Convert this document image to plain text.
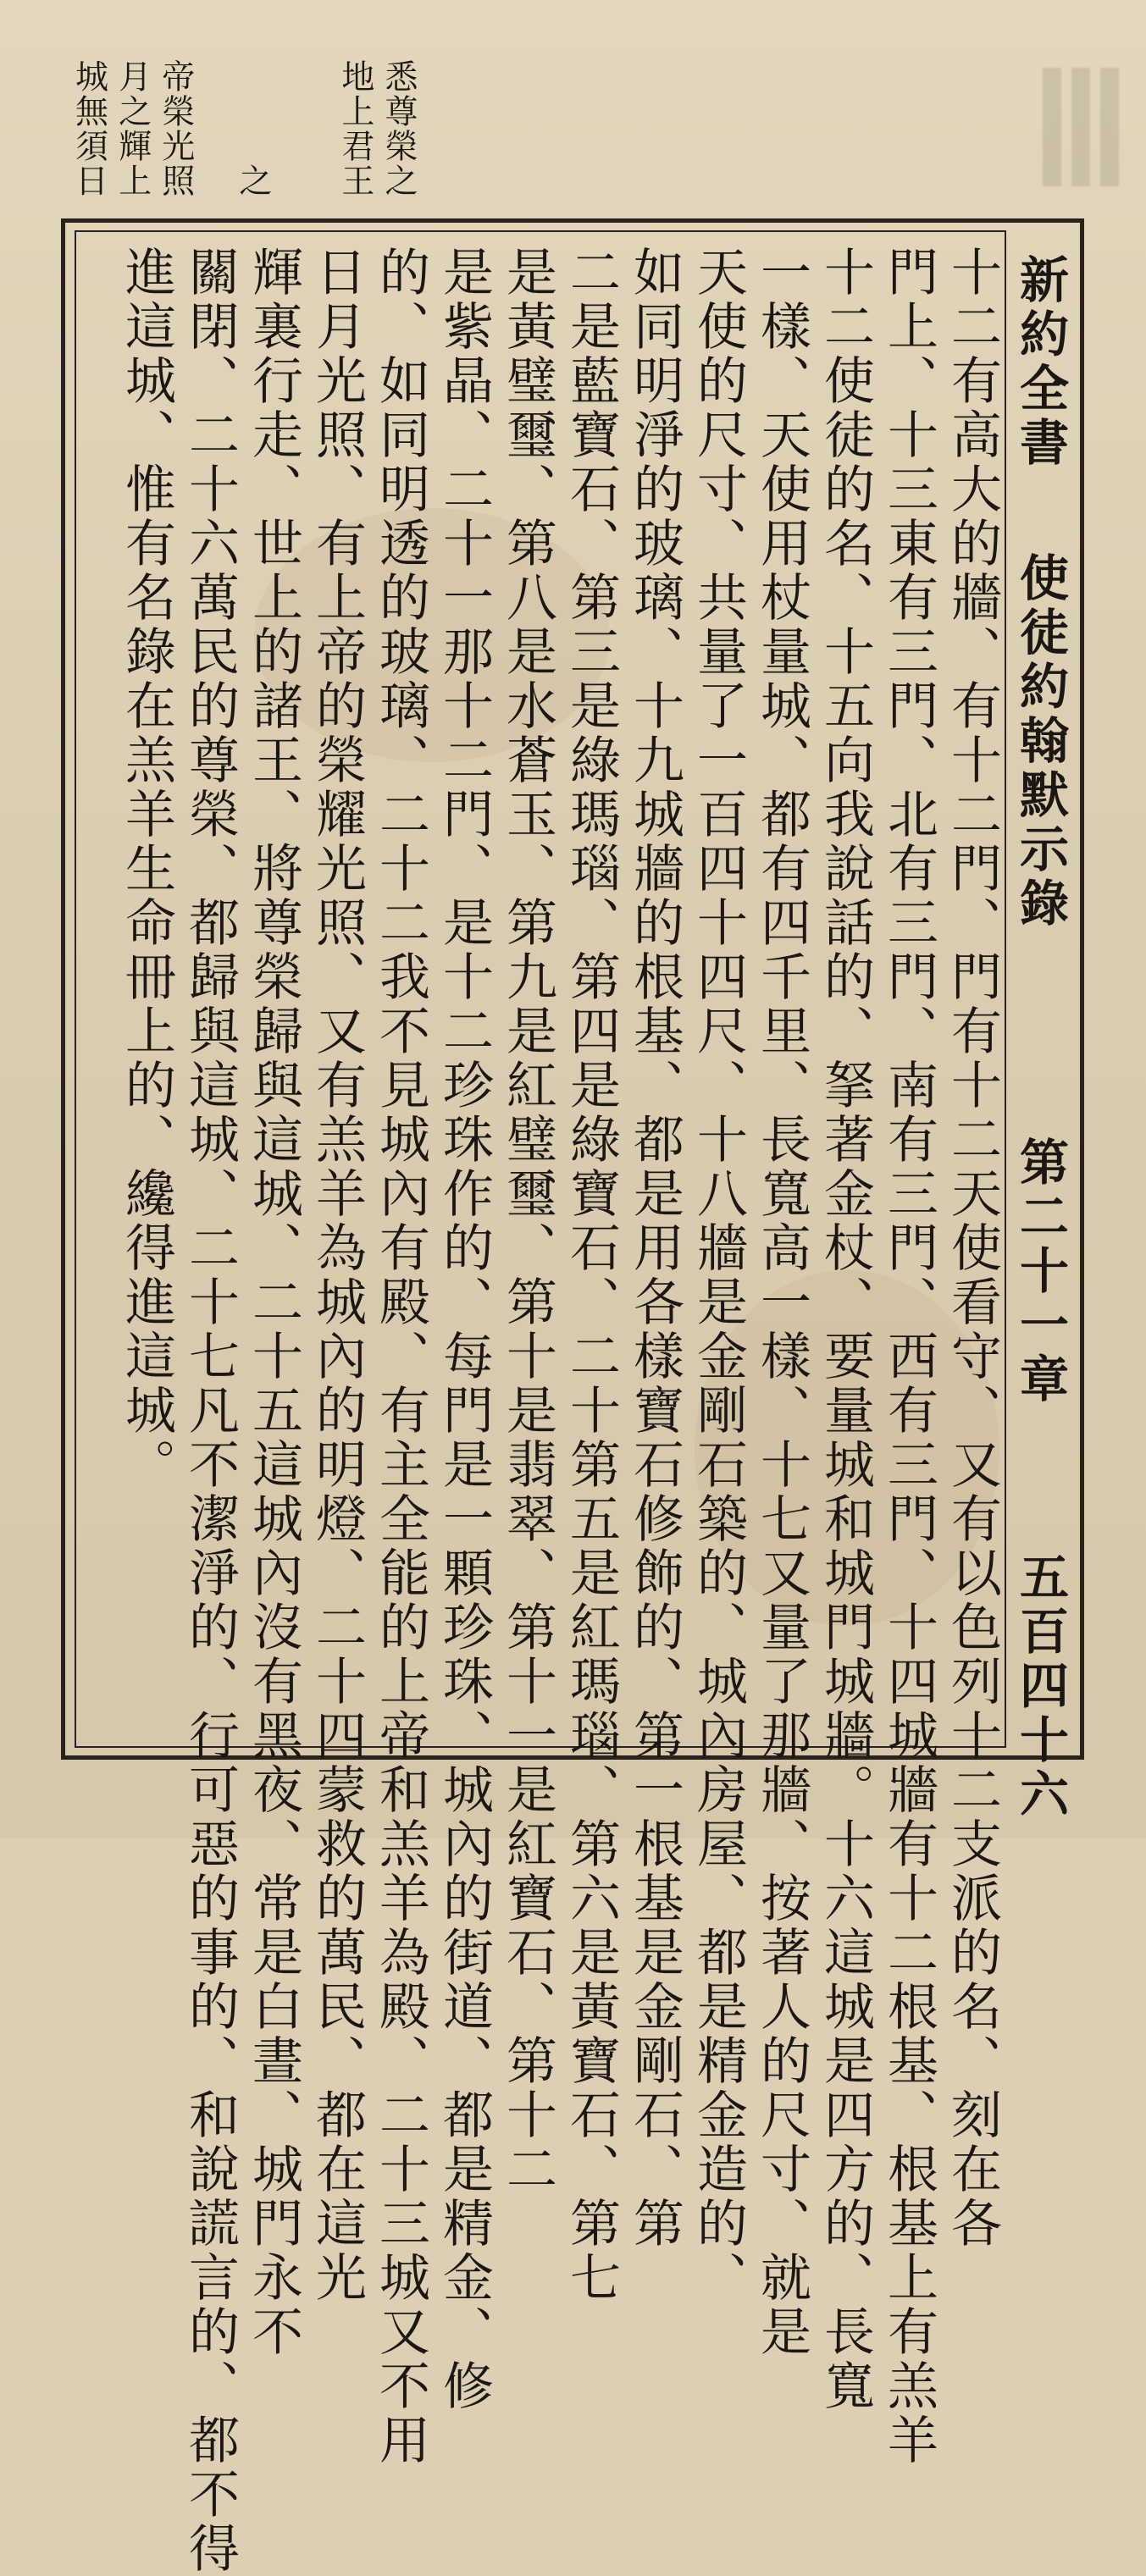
城無須日 月之輝上 帝榮光照 之 地上君王 悉尊榮之
新約全書
使徒約翰默示錄
第二十一章
五百四十六
十二有高大的牆、有十二門、門有十二天使看守、又有以色列十二支派的名、刻在各
門上、十三東有三門、北有三門、南有三門、西有三門、十四城牆有十二根基、根基上有羔羊
十二使徒的名、十五向我說話的、拏著金杖、要量城和城門城牆。十六這城是四方的、長寬
一樣、天使用杖量城、都有四千里、長寬高一樣、十七又量了那牆、按著人的尺寸、就是
天使的尺寸、共量了一百四十四尺、十八牆是金剛石築的、城內房屋、都是精金造的、
如同明淨的玻璃、十九城牆的根基、都是用各樣寶石修飾的、第一根基是金剛石、第
二是藍寶石、第三是綠瑪瑙、第四是綠寶石、二十第五是紅瑪瑙、第六是黃寶石、第七
是黃璧璽、第八是水蒼玉、第九是紅璧璽、第十是翡翠、第十一是紅寶石、第十二
是紫晶、二十一那十二門、是十二珍珠作的、每門是一顆珍珠、城內的街道、都是精金、修
的、如同明透的玻璃、二十二我不見城內有殿、有主全能的上帝和羔羊為殿、二十三城又不用
日月光照、有上帝的榮耀光照、又有羔羊為城內的明燈、二十四蒙救的萬民、都在這光
輝裏行走、世上的諸王、將尊榮歸與這城、二十五這城內沒有黑夜、常是白晝、城門永不
關閉、二十六萬民的尊榮、都歸與這城、二十七凡不潔淨的、行可惡的事的、和說謊言的、都不得
進這城、惟有名錄在羔羊生命冊上的、纔得進這城。
